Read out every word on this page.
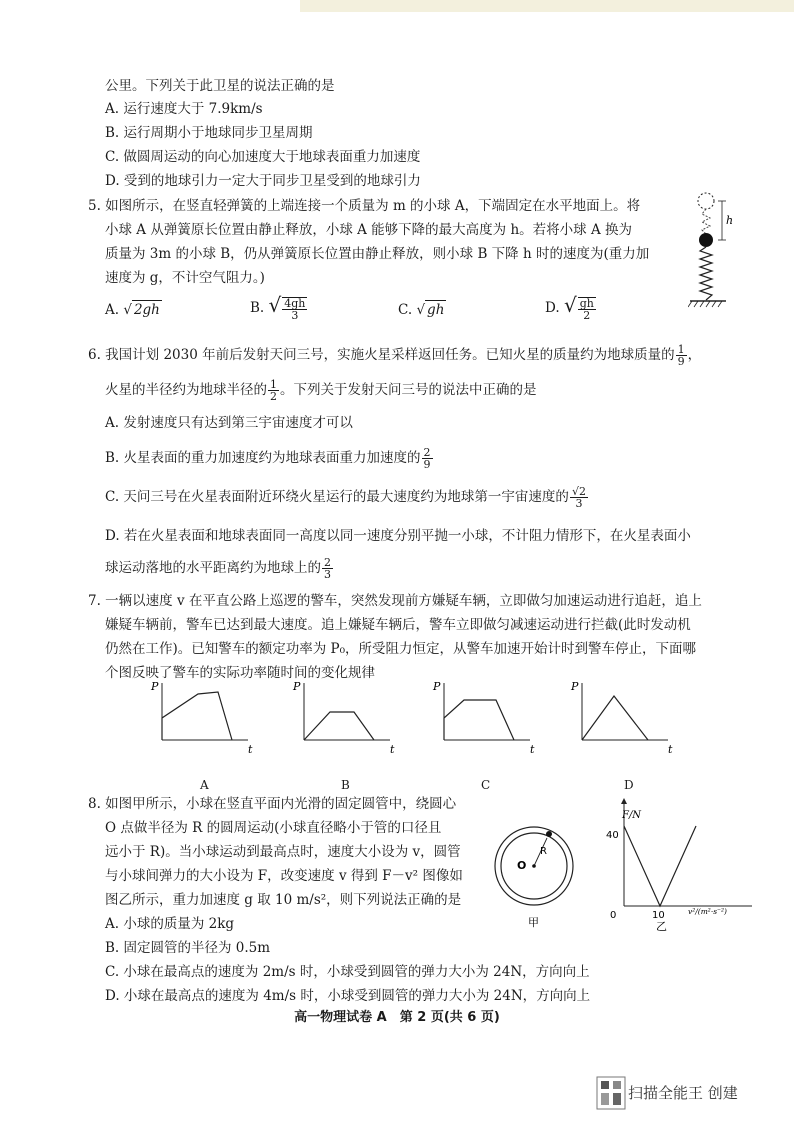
公里。下列关于此卫星的说法正确的是
A. 运行速度大于 7.9km/s
B. 运行周期小于地球同步卫星周期
C. 做圆周运动的向心加速度大于地球表面重力加速度
D. 受到的地球引力一定大于同步卫星受到的地球引力
5. 如图所示，在竖直轻弹簧的上端连接一个质量为 m 的小球 A，下端固定在水平地面上。将
小球 A 从弹簧原长位置由静止释放，小球 A 能够下降的最大高度为 h。若将小球 A 换为
质量为 3m 的小球 B，仍从弹簧原长位置由静止释放，则小球 B 下降 h 时的速度为(重力加
速度为 g，不计空气阻力。)
A. √ 2gh	B. √ $\frac{4gh}{3}$	C. √ gh	D. √ $\frac{gh}{2}$
h
6. 我国计划 2030 年前后发射天问三号，实施火星采样返回任务。已知火星的质量约为地球质量的 $\frac{1}{9}$ ，
火星的半径约为地球半径的 $\frac{1}{2}$ 。下列关于发射天问三号的说法中正确的是
A. 发射速度只有达到第三宇宙速度才可以
B. 火星表面的重力加速度约为地球表面重力加速度的 $\frac{2}{9}$
C. 天问三号在火星表面附近环绕火星运行的最大速度约为地球第一宇宙速度的 $\frac{√2}{3}$
D. 若在火星表面和地球表面同一高度以同一速度分别平抛一小球，不计阻力情形下，在火星表面小
球运动落地的水平距离约为地球上的 $\frac{2}{3}$
7. 一辆以速度 v 在平直公路上巡逻的警车，突然发现前方嫌疑车辆，立即做匀加速运动进行追赶，追上
嫌疑车辆前，警车已达到最大速度。追上嫌疑车辆后，警车立即做匀减速运动进行拦截(此时发动机
仍然在工作)。已知警车的额定功率为 P₀，所受阻力恒定，从警车加速开始计时到警车停止，下面哪
个图反映了警车的实际功率随时间的变化规律
P
t
A
P
t
B
P
t
C
P
t
D
8. 如图甲所示，小球在竖直平面内光滑的固定圆管中，绕圆心
O 点做半径为 R 的圆周运动(小球直径略小于管的口径且
远小于 R)。当小球运动到最高点时，速度大小设为 v，圆管
与小球间弹力的大小设为 F，改变速度 v 得到 F－v² 图像如
图乙所示，重力加速度 g 取 10 m/s²，则下列说法正确的是
A. 小球的质量为 2kg
B. 固定圆管的半径为 0.5m
C. 小球在最高点的速度为 2m/s 时，小球受到圆管的弹力大小为 24N，方向向上
D. 小球在最高点的速度为 4m/s 时，小球受到圆管的弹力大小为 24N，方向向上
O
R
甲
F/N
40
0	10	v²/(m²·s⁻²)
乙
高一物理试卷 A　第 2 页(共 6 页)
扫描全能王 创建
